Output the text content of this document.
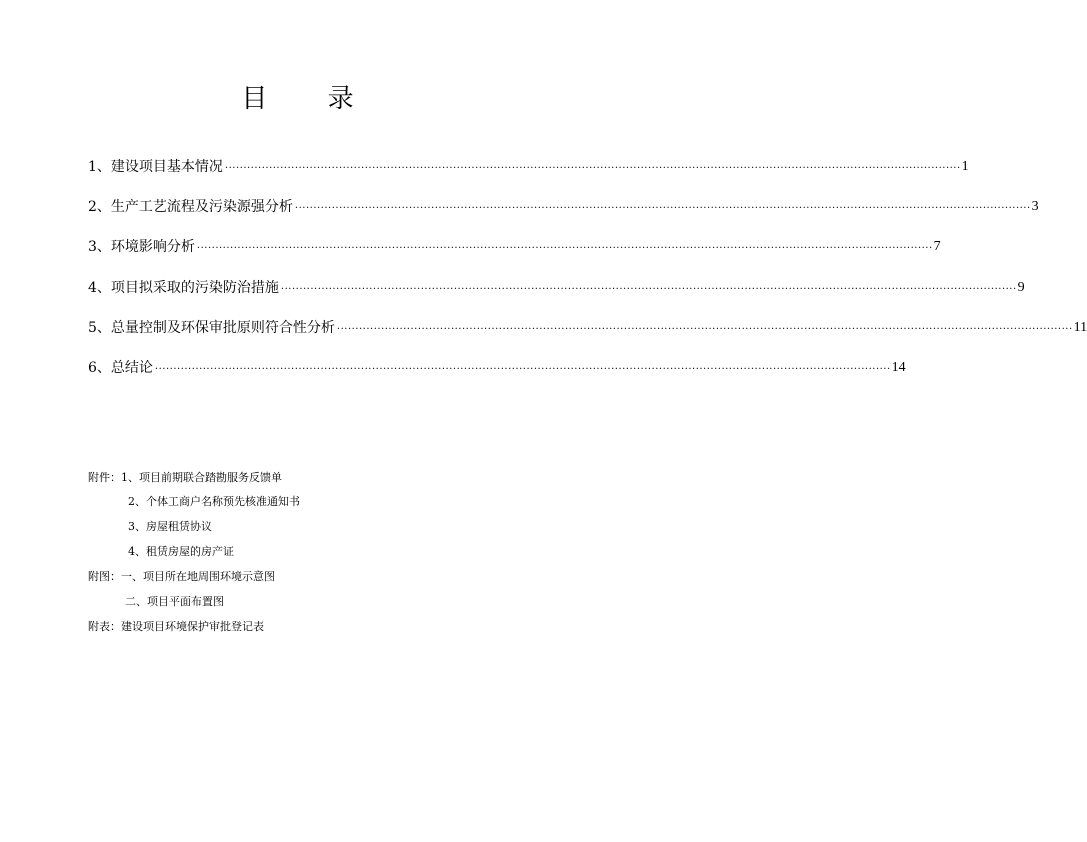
目 录
1、建设项目基本情况 ........................................................................................................................................................................................................ 1
2、生产工艺流程及污染源强分析 ........................................................................................................................................................................................................ 3
3、环境影响分析 ........................................................................................................................................................................................................ 7
4、项目拟采取的污染防治措施 ........................................................................................................................................................................................................ 9
5、总量控制及环保审批原则符合性分析 ........................................................................................................................................................................................................ 11
6、总结论 ........................................................................................................................................................................................................ 14
附件：1、项目前期联合踏勘服务反馈单
2、个体工商户名称预先核准通知书
3、房屋租赁协议
4、租赁房屋的房产证
附图：一、项目所在地周围环境示意图
二、项目平面布置图
附表：建设项目环境保护审批登记表
